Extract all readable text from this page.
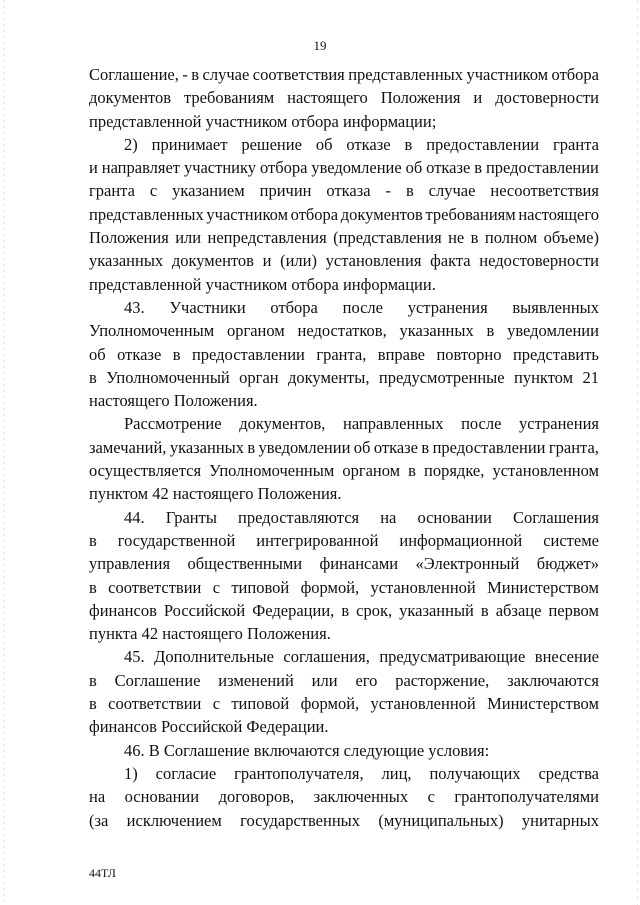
19
Соглашение, - в случае соответствия представленных участником отбора
документов требованиям настоящего Положения и достоверности
представленной участником отбора информации;
2) принимает решение об отказе в предоставлении гранта
и направляет участнику отбора уведомление об отказе в предоставлении
гранта с указанием причин отказа - в случае несоответствия
представленных участником отбора документов требованиям настоящего
Положения или непредставления (представления не в полном объеме)
указанных документов и (или) установления факта недостоверности
представленной участником отбора информации.
43. Участники отбора после устранения выявленных
Уполномоченным органом недостатков, указанных в уведомлении
об отказе в предоставлении гранта, вправе повторно представить
в Уполномоченный орган документы, предусмотренные пунктом 21
настоящего Положения.
Рассмотрение документов, направленных после устранения
замечаний, указанных в уведомлении об отказе в предоставлении гранта,
осуществляется Уполномоченным органом в порядке, установленном
пунктом 42 настоящего Положения.
44. Гранты предоставляются на основании Соглашения
в государственной интегрированной информационной системе
управления общественными финансами «Электронный бюджет»
в соответствии с типовой формой, установленной Министерством
финансов Российской Федерации, в срок, указанный в абзаце первом
пункта 42 настоящего Положения.
45. Дополнительные соглашения, предусматривающие внесение
в Соглашение изменений или его расторжение, заключаются
в соответствии с типовой формой, установленной Министерством
финансов Российской Федерации.
46. В Соглашение включаются следующие условия:
1) согласие грантополучателя, лиц, получающих средства
на основании договоров, заключенных с грантополучателями
(за исключением государственных (муниципальных) унитарных
44ТЛ
